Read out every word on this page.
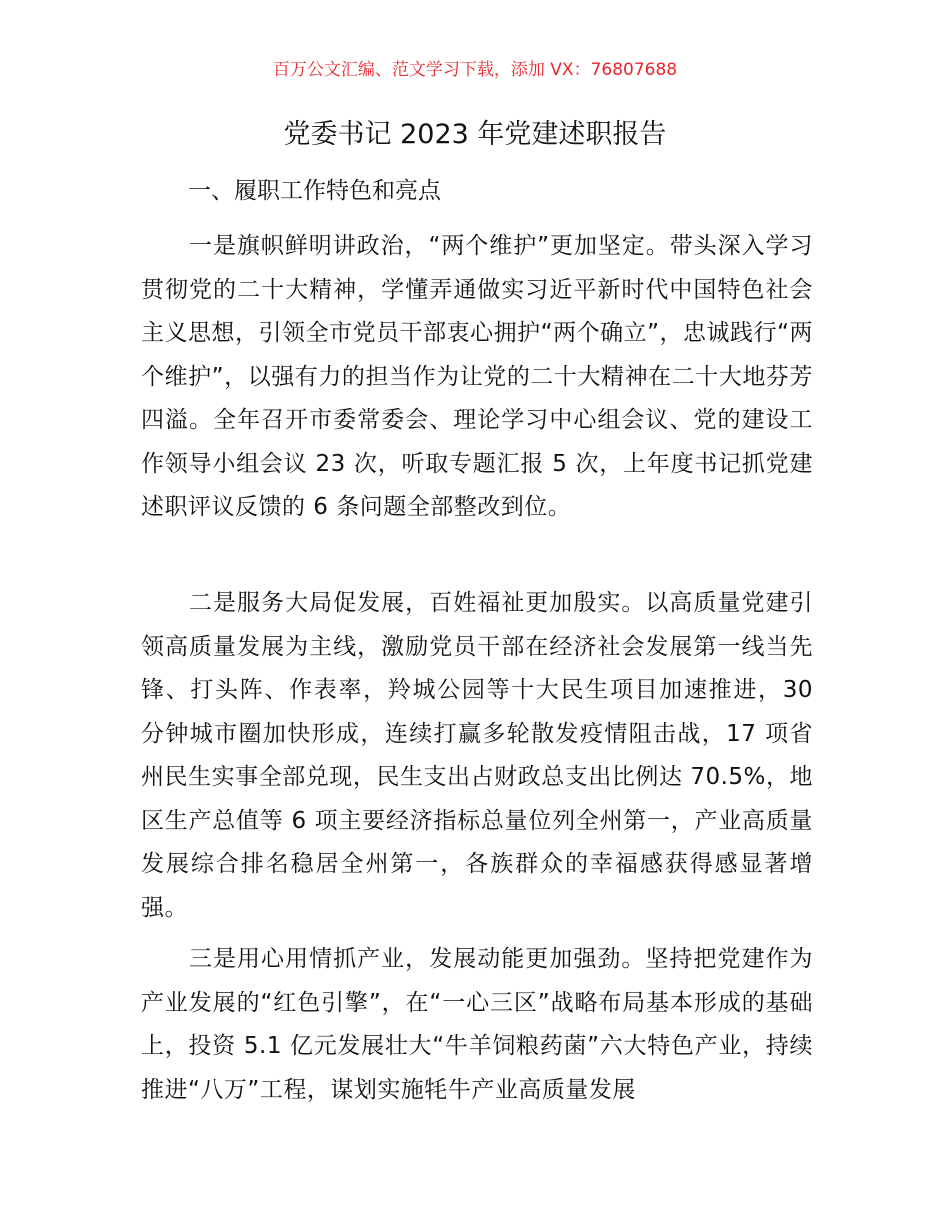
百万公文汇编、范文学习下载，添加 VX：76807688
党委书记 2023 年党建述职报告
一、履职工作特色和亮点

一是旗帜鲜明讲政治，“两个维护”更加坚定。带头深入学习贯彻党的二十大精神，学懂弄通做实习近平新时代中国特色社会主义思想，引领全市党员干部衷心拥护“两个确立”，忠诚践行“两个维护”，以强有力的担当作为让党的二十大精神在二十大地芬芳四溢。全年召开市委常委会、理论学习中心组会议、党的建设工作领导小组会议 23 次，听取专题汇报 5 次，上年度书记抓党建述职评议反馈的 6 条问题全部整改到位。

二是服务大局促发展，百姓福祉更加殷实。以高质量党建引领高质量发展为主线，激励党员干部在经济社会发展第一线当先锋、打头阵、作表率，羚城公园等十大民生项目加速推进，30 分钟城市圈加快形成，连续打赢多轮散发疫情阻击战，17 项省州民生实事全部兑现，民生支出占财政总支出比例达 70.5%，地区生产总值等 6 项主要经济指标总量位列全州第一，产业高质量发展综合排名稳居全州第一，各族群众的幸福感获得感显著增强。

三是用心用情抓产业，发展动能更加强劲。坚持把党建作为产业发展的“红色引擎”，在“一心三区”战略布局基本形成的基础上，投资 5.1 亿元发展壮大“牛羊饲粮药菌”六大特色产业，持续推进“八万”工程，谋划实施牦牛产业高质量发展
